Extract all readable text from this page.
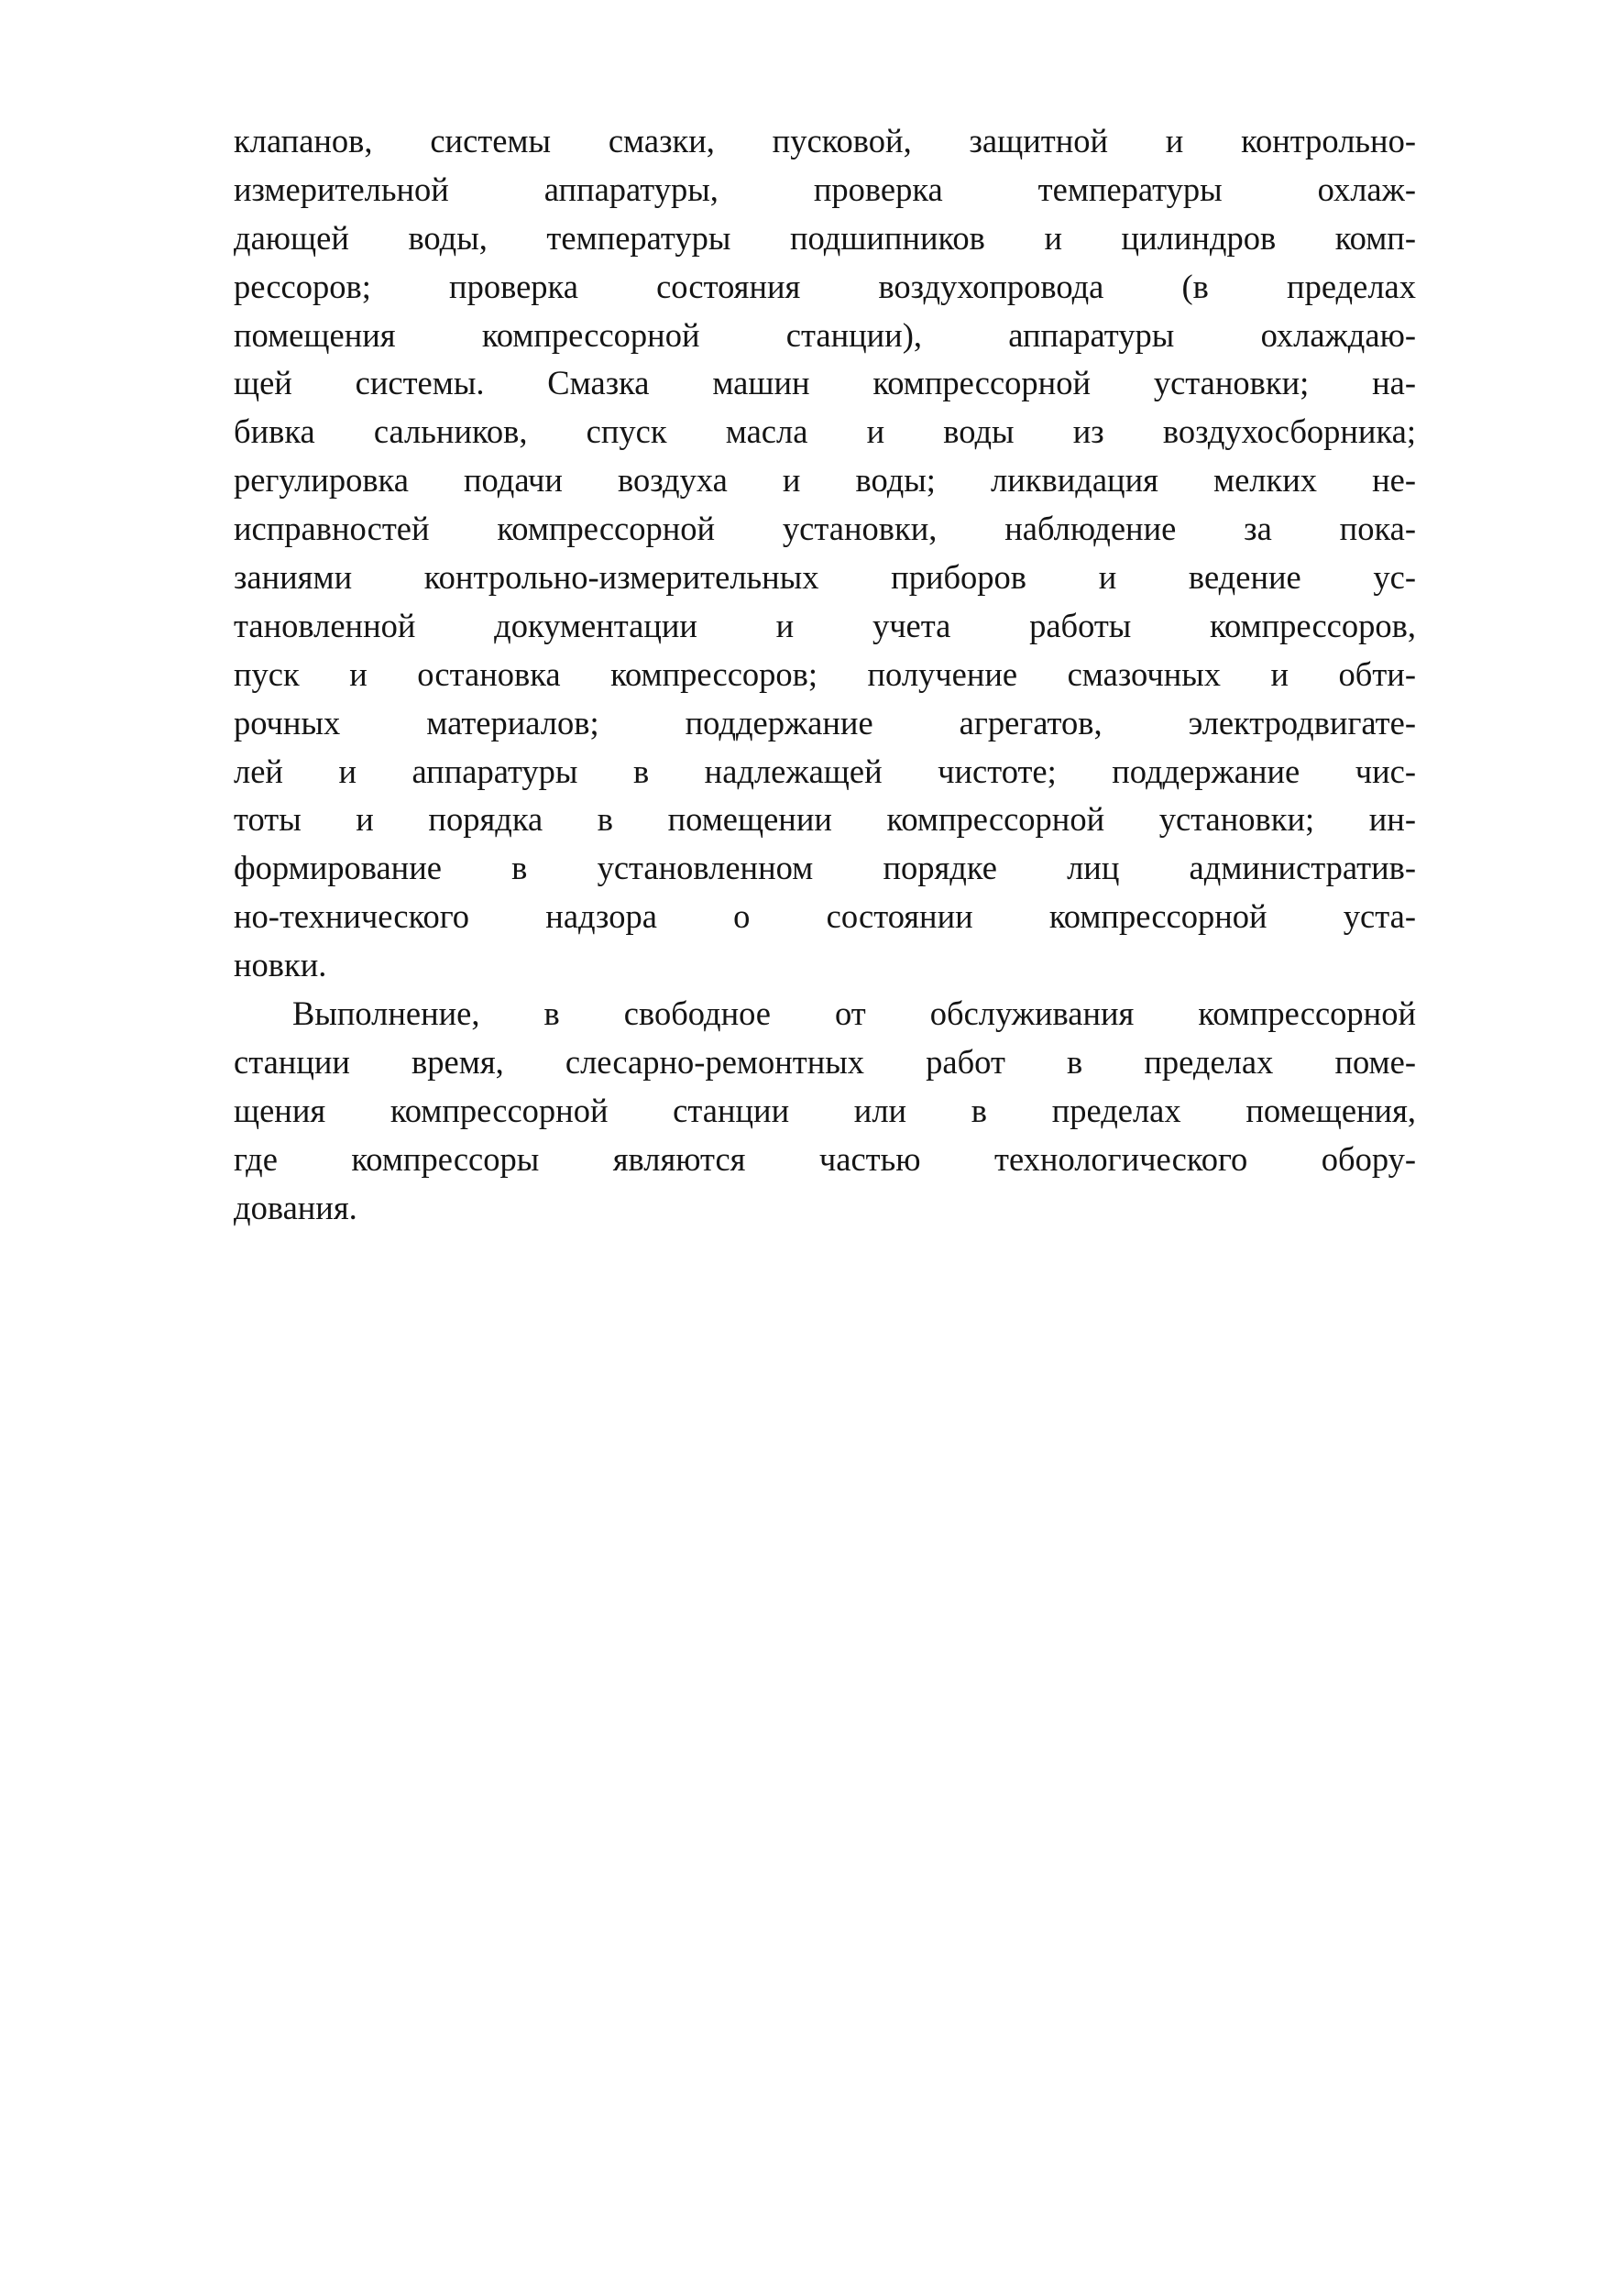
клапанов, системы смазки, пусковой, защитной и контрольно-
измерительной аппаратуры, проверка температуры охлаж-
дающей воды, температуры подшипников и цилиндров комп-
рессоров; проверка состояния воздухопровода (в пределах
помещения компрессорной станции), аппаратуры охлаждаю-
щей системы. Смазка машин компрессорной установки; на-
бивка сальников, спуск масла и воды из воздухосборника;
регулировка подачи воздуха и воды; ликвидация мелких не-
исправностей компрессорной установки, наблюдение за пока-
заниями контрольно-измерительных приборов и ведение ус-
тановленной документации и учета работы компрессоров,
пуск и остановка компрессоров; получение смазочных и обти-
рочных материалов; поддержание агрегатов, электродвигате-
лей и аппаратуры в надлежащей чистоте; поддержание чис-
тоты и порядка в помещении компрессорной установки; ин-
формирование в установленном порядке лиц административ-
но-технического надзора о состоянии компрессорной уста-
новки.
Выполнение, в свободное от обслуживания компрессорной
станции время, слесарно-ремонтных работ в пределах поме-
щения компрессорной станции или в пределах помещения,
где компрессоры являются частью технологического обору-
дования.
